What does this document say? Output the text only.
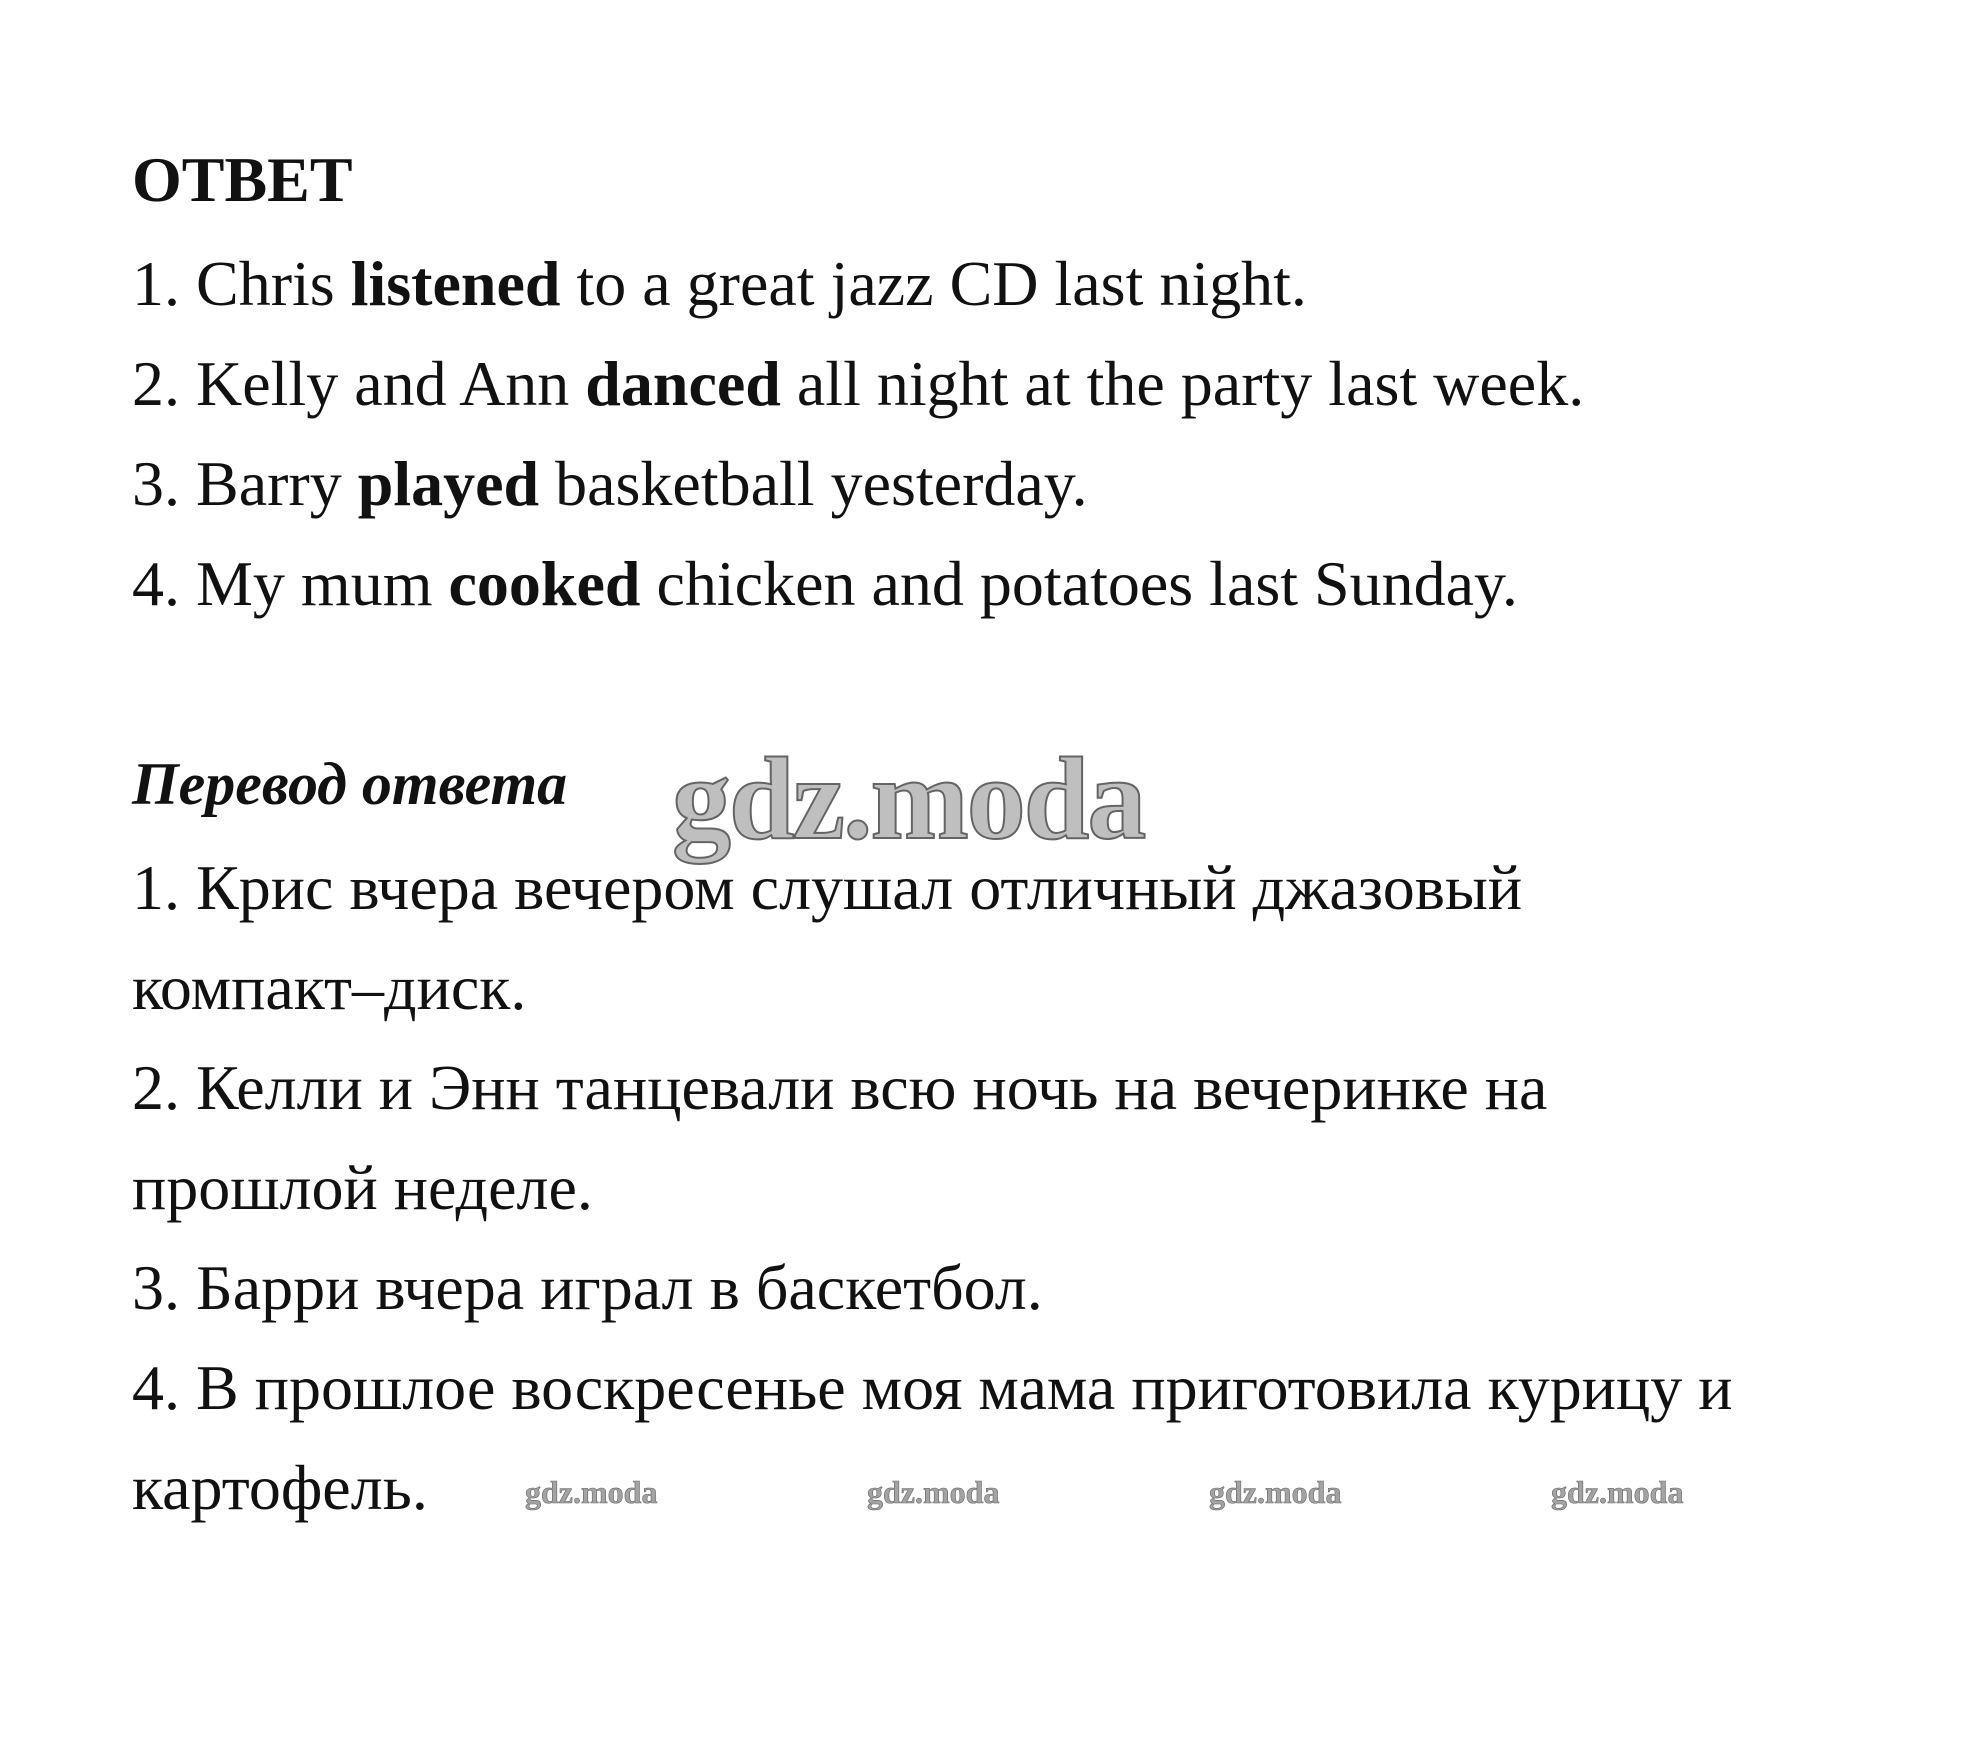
ОТВЕТ

1. Chris listened to a great jazz CD last night.

2. Kelly and Ann danced all night at the party last week.

3. Barry played basketball yesterday.

4. My mum cooked chicken and potatoes last Sunday.

Перевод ответа gdz.moda

1. Крис вчера вечером слушал отличный джазовый

компакт–диск.

2. Келли и Энн танцевали всю ночь на вечеринке на

прошлой неделе.

3. Барри вчера играл в баскетбол.

4. В прошлое воскресенье моя мама приготовила курицу и

картофель.	gdz.moda	gdz.moda	gdz.moda	gdz.moda
